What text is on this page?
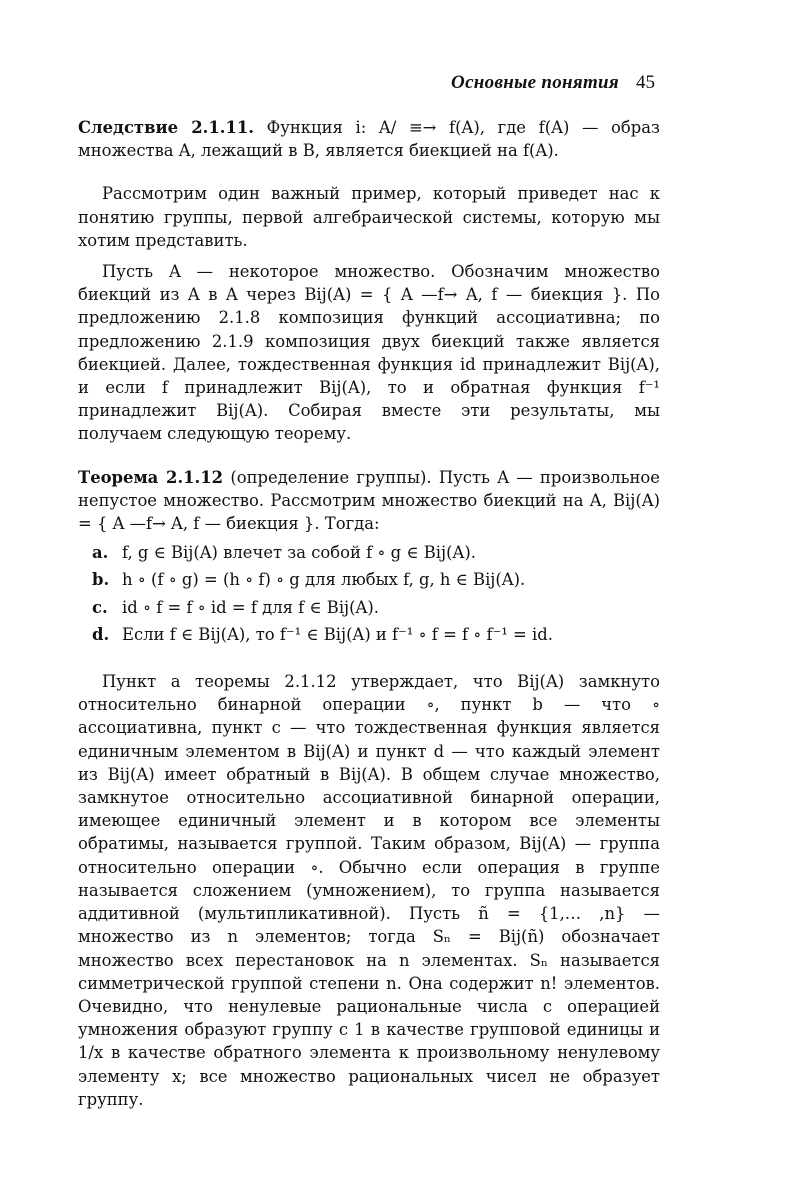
Основные понятия 45

Следствие 2.1.11. Функция i: A/ ≡→ f(A), где f(A) — образ множества A, лежащий в B, является биекцией на f(A).

Рассмотрим один важный пример, который приведет нас к понятию группы, первой алгебраической системы, которую мы хотим представить.

Пусть A — некоторое множество. Обозначим множество биекций из A в A через Bij(A) = { A —f→ A, f — биекция }. По предложению 2.1.8 композиция функций ассоциативна; по предложению 2.1.9 композиция двух биекций также является биекцией. Далее, тождественная функция id принадлежит Bij(A), и если f принадлежит Bij(A), то и обратная функция f⁻¹ принадлежит Bij(A). Собирая вместе эти результаты, мы получаем следующую теорему.

Теорема 2.1.12 (определение группы). Пусть A — произвольное непустое множество. Рассмотрим множество биекций на A, Bij(A) = { A —f→ A, f — биекция }. Тогда:

a. f, g ∈ Bij(A) влечет за собой f ∘ g ∈ Bij(A).
b. h ∘ (f ∘ g) = (h ∘ f) ∘ g для любых f, g, h ∈ Bij(A).
c. id ∘ f = f ∘ id = f для f ∈ Bij(A).
d. Если f ∈ Bij(A), то f⁻¹ ∈ Bij(A) и f⁻¹ ∘ f = f ∘ f⁻¹ = id.

Пункт a теоремы 2.1.12 утверждает, что Bij(A) замкнуто относительно бинарной операции ∘, пункт b — что ∘ ассоциативна, пункт c — что тождественная функция является единичным элементом в Bij(A) и пункт d — что каждый элемент из Bij(A) имеет обратный в Bij(A). В общем случае множество, замкнутое относительно ассоциативной бинарной операции, имеющее единичный элемент и в котором все элементы обратимы, называется группой. Таким образом, Bij(A) — группа относительно операции ∘. Обычно если операция в группе называется сложением (умножением), то группа называется аддитивной (мультипликативной). Пусть ñ = {1,… ,n} — множество из n элементов; тогда Sₙ = Bij(ñ) обозначает множество всех перестановок на n элементах. Sₙ называется симметрической группой степени n. Она содержит n! элементов. Очевидно, что ненулевые рациональные числа с операцией умножения образуют группу с 1 в качестве групповой единицы и 1/x в качестве обратного элемента к произвольному ненулевому элементу x; все множество рациональных чисел не образует группу.
